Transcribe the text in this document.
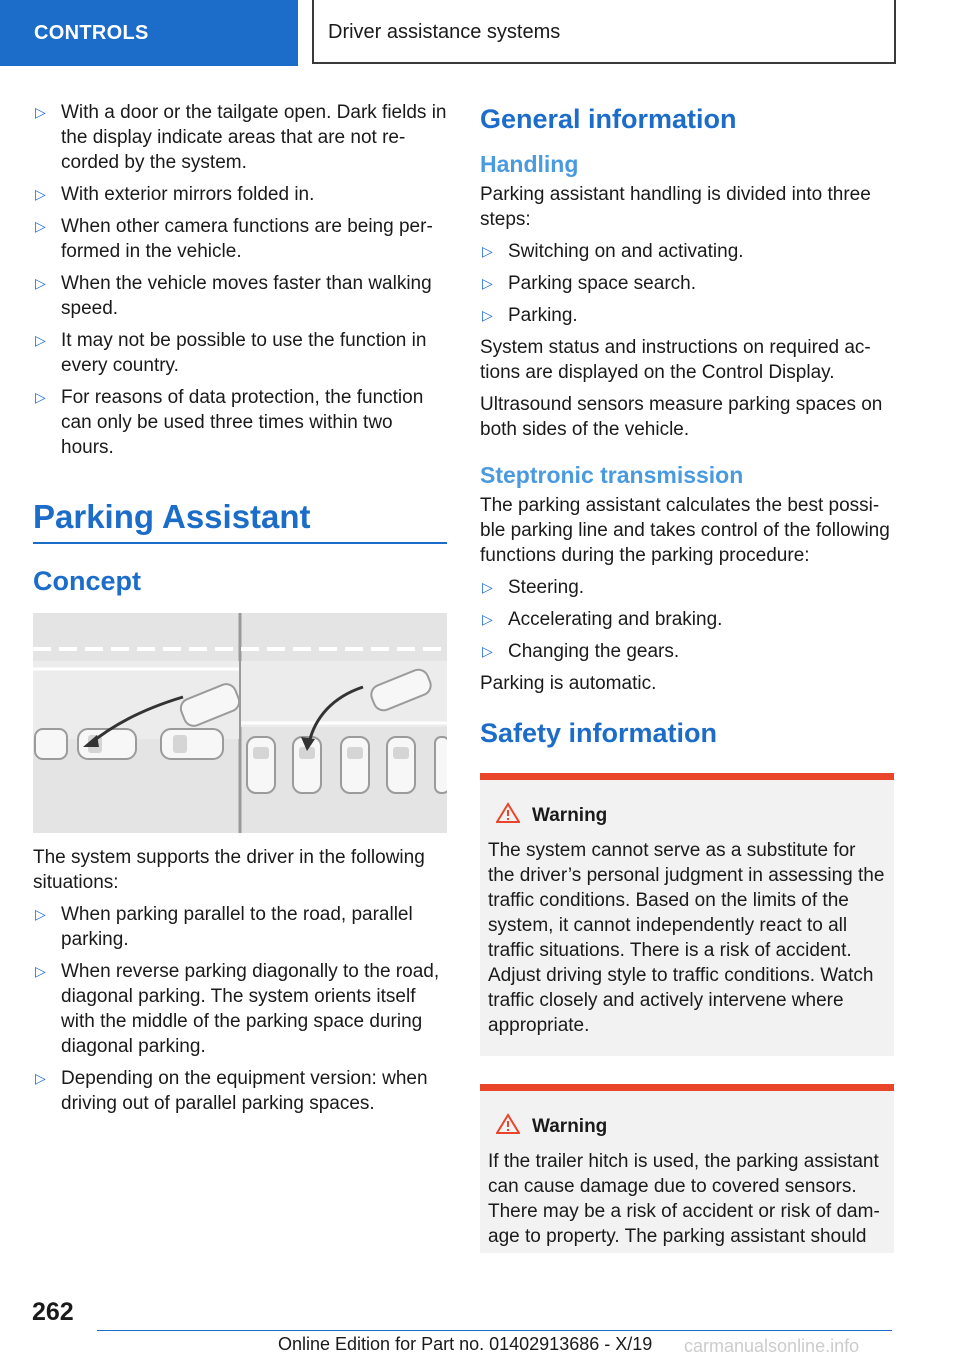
CONTROLS	Driver assistance systems
▷ With a door or the tailgate open. Dark fields in the display indicate areas that are not recorded by the system.
▷ With exterior mirrors folded in.
▷ When other camera functions are being performed in the vehicle.
▷ When the vehicle moves faster than walking speed.
▷ It may not be possible to use the function in every country.
▷ For reasons of data protection, the function can only be used three times within two hours.
Parking Assistant
Concept

The system supports the driver in the following situations:

▷ When parking parallel to the road, parallel parking.
▷ When reverse parking diagonally to the road, diagonal parking. The system orients itself with the middle of the parking space during diagonal parking.
▷ Depending on the equipment version: when driving out of parallel parking spaces.
General information
Handling

Parking assistant handling is divided into three steps:

▷ Switching on and activating.
▷ Parking space search.
▷ Parking.

System status and instructions on required actions are displayed on the Control Display.

Ultrasound sensors measure parking spaces on both sides of the vehicle.

Steptronic transmission

The parking assistant calculates the best possible parking line and takes control of the following functions during the parking procedure:

▷ Steering.
▷ Accelerating and braking.
▷ Changing the gears.

Parking is automatic.

Safety information
Warning

The system cannot serve as a substitute for the driver’s personal judgment in assessing the traffic conditions. Based on the limits of the system, it cannot independently react to all traffic situations. There is a risk of accident. Adjust driving style to traffic conditions. Watch traffic closely and actively intervene where appropriate.

Warning

If the trailer hitch is used, the parking assistant can cause damage due to covered sensors. There may be a risk of accident or risk of damage to property. The parking assistant should

262
Online Edition for Part no. 01402913686 - X/19 carmanualsonline.info
